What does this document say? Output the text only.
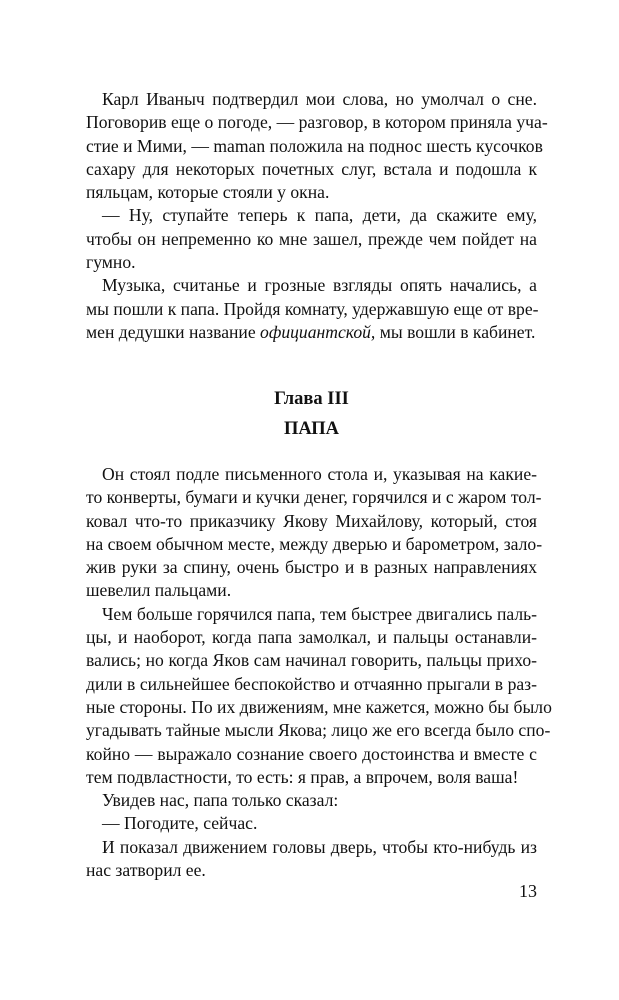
Карл Иваныч подтвердил мои слова, но умолчал о сне.
Поговорив еще о погоде, — разговор, в котором приняла уча-
стие и Мими, — maman положила на поднос шесть кусочков
сахару для некоторых почетных слуг, встала и подошла к
пяльцам, которые стояли у окна.
— Ну, ступайте теперь к папа, дети, да скажите ему,
чтобы он непременно ко мне зашел, прежде чем пойдет на
гумно.
Музыка, считанье и грозные взгляды опять начались, а
мы пошли к папа. Пройдя комнату, удержавшую еще от вре-
мен дедушки название официантской, мы вошли в кабинет.
Глава III
ПАПА
Он стоял подле письменного стола и, указывая на какие-
то конверты, бумаги и кучки денег, горячился и с жаром тол-
ковал что-то приказчику Якову Михайлову, который, стоя
на своем обычном месте, между дверью и барометром, зало-
жив руки за спину, очень быстро и в разных направлениях
шевелил пальцами.
Чем больше горячился папа, тем быстрее двигались паль-
цы, и наоборот, когда папа замолкал, и пальцы останавли-
вались; но когда Яков сам начинал говорить, пальцы прихо-
дили в сильнейшее беспокойство и отчаянно прыгали в раз-
ные стороны. По их движениям, мне кажется, можно бы было
угадывать тайные мысли Якова; лицо же его всегда было спо-
койно — выражало сознание своего достоинства и вместе с
тем подвластности, то есть: я прав, а впрочем, воля ваша!
Увидев нас, папа только сказал:
— Погодите, сейчас.
И показал движением головы дверь, чтобы кто-нибудь из
нас затворил ее.
13
